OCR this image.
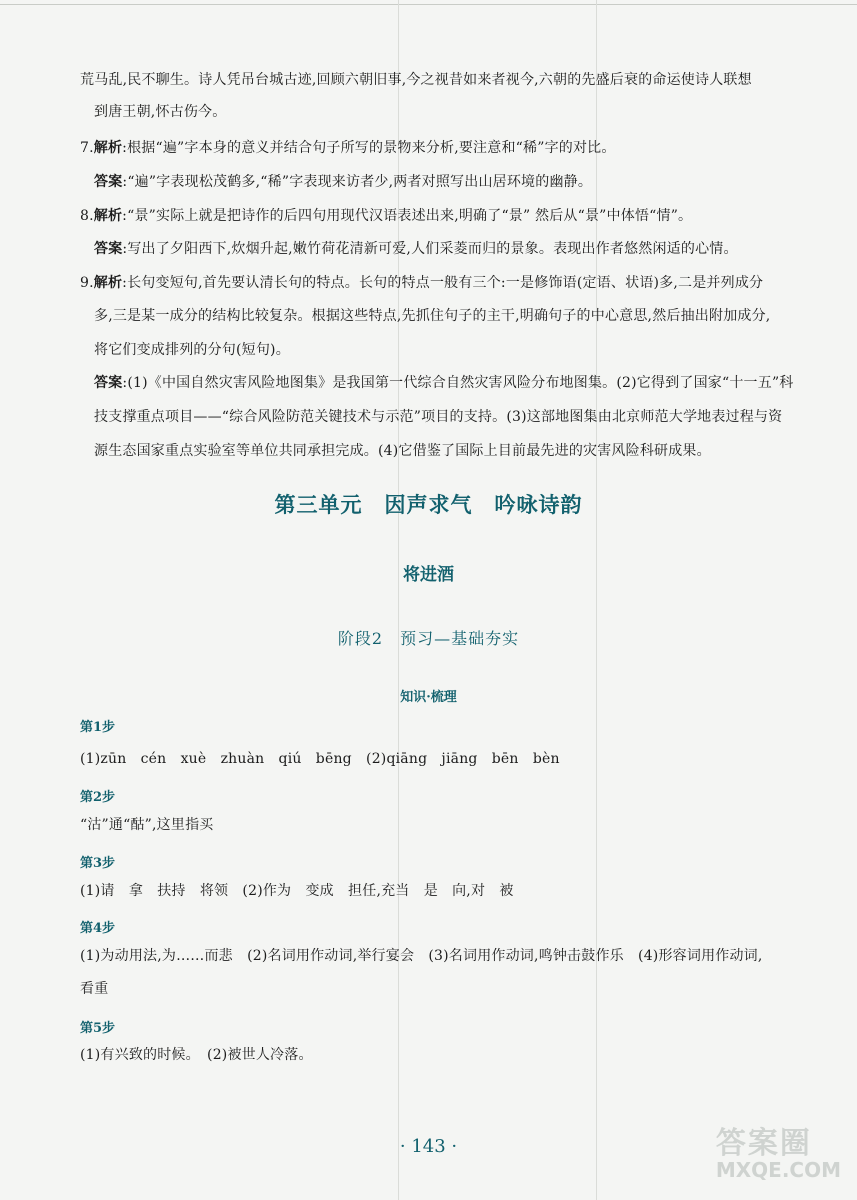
荒马乱,民不聊生。诗人凭吊台城古迹,回顾六朝旧事,今之视昔如来者视今,六朝的先盛后衰的命运使诗人联想
到唐王朝,怀古伤今。
7.解析:根据“遍”字本身的意义并结合句子所写的景物来分析,要注意和“稀”字的对比。
答案:“遍”字表现松茂鹤多,“稀”字表现来访者少,两者对照写出山居环境的幽静。
8.解析:“景”实际上就是把诗作的后四句用现代汉语表述出来,明确了“景” 然后从“景”中体悟“情”。
答案:写出了夕阳西下,炊烟升起,嫩竹荷花清新可爱,人们采菱而归的景象。表现出作者悠然闲适的心情。
9.解析:长句变短句,首先要认清长句的特点。长句的特点一般有三个:一是修饰语(定语、状语)多,二是并列成分
多,三是某一成分的结构比较复杂。根据这些特点,先抓住句子的主干,明确句子的中心意思,然后抽出附加成分,
将它们变成排列的分句(短句)。
答案:(1)《中国自然灾害风险地图集》是我国第一代综合自然灾害风险分布地图集。(2)它得到了国家“十一五”科
技支撑重点项目——“综合风险防范关键技术与示范”项目的支持。(3)这部地图集由北京师范大学地表过程与资
源生态国家重点实验室等单位共同承担完成。(4)它借鉴了国际上目前最先进的灾害风险科研成果。
第三单元　因声求气　吟咏诗韵
将进酒
阶段2　预习—基础夯实
知识·梳理
第1步
(1)zūn　cén　xuè　zhuàn　qiú　bēng　(2)qiāng　jiāng　bēn　bèn
第2步
“沽”通“酤”,这里指买
第3步
(1)请　拿　扶持　将领　(2)作为　变成　担任,充当　是　向,对　被
第4步
(1)为动用法,为……而悲　(2)名词用作动词,举行宴会　(3)名词用作动词,鸣钟击鼓作乐　(4)形容词用作动词,
看重
第5步
(1)有兴致的时候。　(2)被世人冷落。
· 143 ·	答案圈
MXQE.COM
